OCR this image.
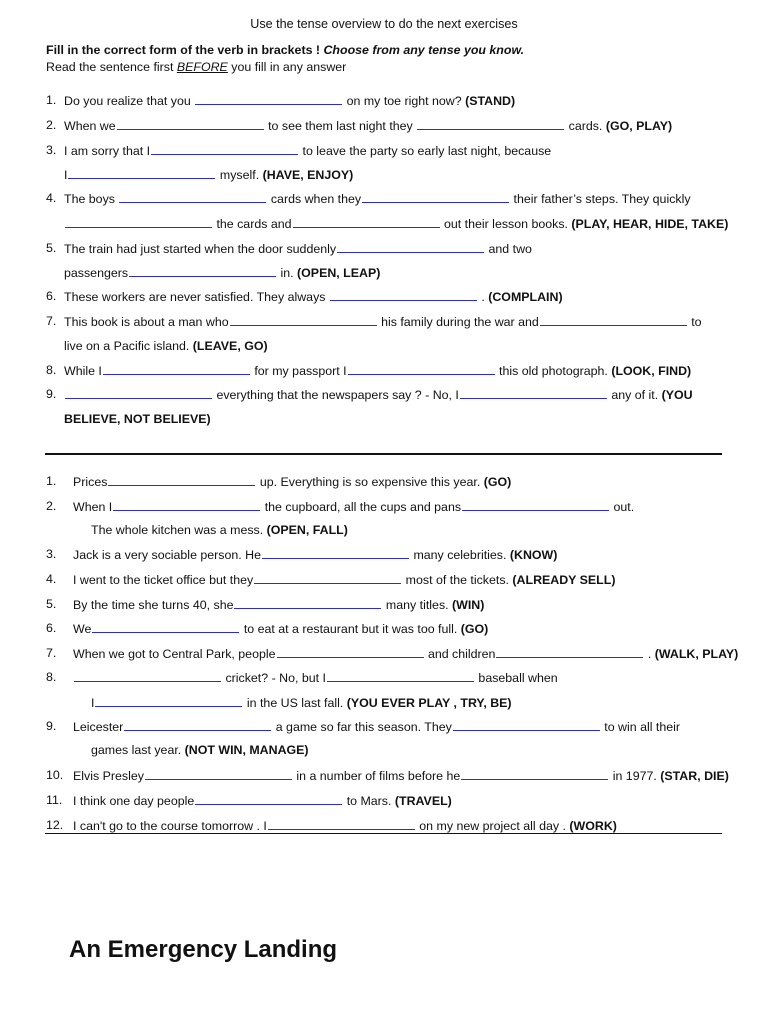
Use the tense overview to do the next exercises
Fill in the correct form of the verb in brackets ! Choose from any tense you know.
Read the sentence first BEFORE you fill in any answer
1. Do you realize that you	on my toe right now? (STAND)
2. When we	to see them last night they	cards. (GO, PLAY)
3. I am sorry that I	to leave the party so early last night, because
I	myself. (HAVE, ENJOY)
4. The boys	cards when they	their father’s steps. They quickly
the cards and	out their lesson books. (PLAY, HEAR, HIDE, TAKE)
5. The train had just started when the door suddenly	and two
passengers	in. (OPEN, LEAP)
6. These workers are never satisfied. They always	. (COMPLAIN)
7. This book is about a man who	his family during the war and	to
live on a Pacific island. (LEAVE, GO)
8. While I	for my passport I	this old photograph. (LOOK, FIND)
9.	everything that the newspapers say ? - No, I	any of it. (YOU
BELIEVE, NOT BELIEVE)
1. Prices	up. Everything is so expensive this year. (GO)
2. When I	the cupboard, all the cups and pans	out.
The whole kitchen was a mess. (OPEN, FALL)
3. Jack is a very sociable person. He	many celebrities. (KNOW)
4. I went to the ticket office but they	most of the tickets. (ALREADY SELL)
5. By the time she turns 40, she	many titles. (WIN)
6. We	to eat at a restaurant but it was too full. (GO)
7. When we got to Central Park, people	and children	. (WALK, PLAY)
8.	cricket? - No, but I	baseball when
I	in the US last fall. (YOU EVER PLAY , TRY, BE)
9. Leicester	a game so far this season. They	to win all their
games last year. (NOT WIN, MANAGE)
10. Elvis Presley	in a number of films before he	in 1977. (STAR, DIE)
11. I think one day people	to Mars. (TRAVEL)
12. I can't go to the course tomorrow . I	on my new project all day . (WORK)
An Emergency Landing
